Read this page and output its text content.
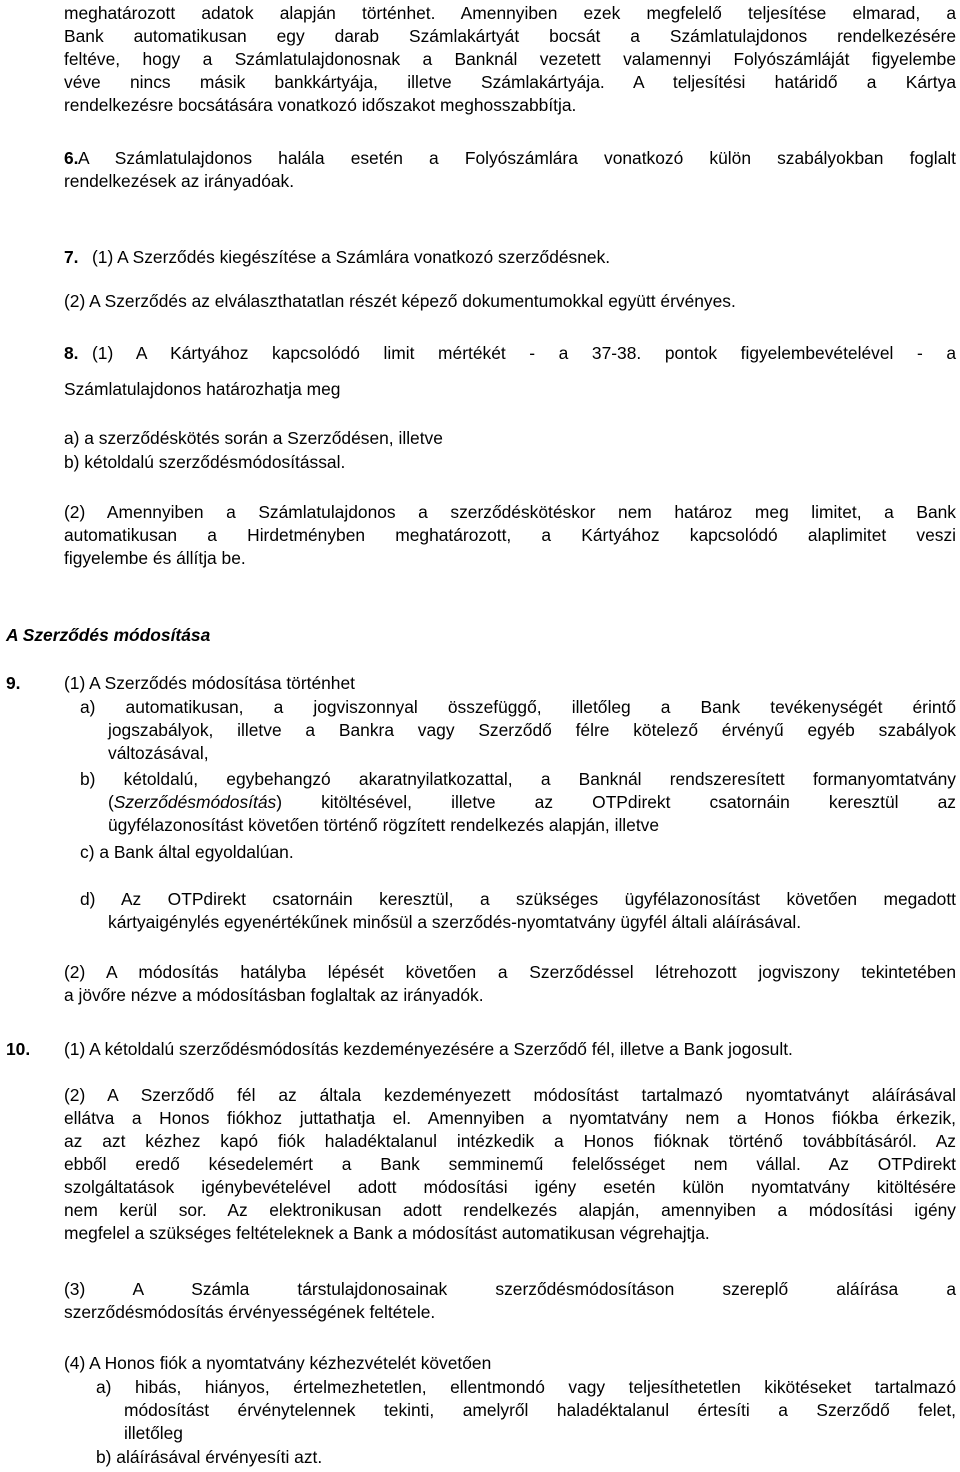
meghatározott adatok alapján történhet. Amennyiben ezek megfelelő teljesítése elmarad, a
Bank automatikusan egy darab Számlakártyát bocsát a Számlatulajdonos rendelkezésére
feltéve, hogy a Számlatulajdonosnak a Banknál vezetett valamennyi Folyószámláját figyelembe
véve nincs másik bankkártyája, illetve Számlakártyája. A teljesítési határidő a Kártya
rendelkezésre bocsátására vonatkozó időszakot meghosszabbítja.
6. A Számlatulajdonos halála esetén a Folyószámlára vonatkozó külön szabályokban foglalt
rendelkezések az irányadóak.
7. (1) A Szerződés kiegészítése a Számlára vonatkozó szerződésnek.
(2) A Szerződés az elválaszthatatlan részét képező dokumentumokkal együtt érvényes.
8. (1) A Kártyához kapcsolódó limit mértékét - a 37-38. pontok figyelembevételével - a
Számlatulajdonos határozhatja meg
a) a szerződéskötés során a Szerződésen, illetve
b) kétoldalú szerződésmódosítással.
(2) Amennyiben a Számlatulajdonos a szerződéskötéskor nem határoz meg limitet, a Bank
automatikusan a Hirdetményben meghatározott, a Kártyához kapcsolódó alaplimitet veszi
figyelembe és állítja be.
A Szerződés módosítása
9. (1) A Szerződés módosítása történhet
a) automatikusan, a jogviszonnyal összefüggő, illetőleg a Bank tevékenységét érintő
jogszabályok, illetve a Bankra vagy Szerződő félre kötelező érvényű egyéb szabályok
változásával,
b) kétoldalú, egybehangzó akaratnyilatkozattal, a Banknál rendszeresített formanyomtatvány
(Szerződésmódosítás) kitöltésével, illetve az OTPdirekt csatornáin keresztül az
ügyfélazonosítást követően történő rögzített rendelkezés alapján, illetve
c) a Bank által egyoldalúan.
d) Az OTPdirekt csatornáin keresztül, a szükséges ügyfélazonosítást követően megadott
kártyaigénylés egyenértékűnek minősül a szerződés-nyomtatvány ügyfél általi aláírásával.
(2) A módosítás hatályba lépését követően a Szerződéssel létrehozott jogviszony tekintetében
a jövőre nézve a módosításban foglaltak az irányadók.
10. (1) A kétoldalú szerződésmódosítás kezdeményezésére a Szerződő fél, illetve a Bank jogosult.
(2) A Szerződő fél az általa kezdeményezett módosítást tartalmazó nyomtatványt aláírásával
ellátva a Honos fiókhoz juttathatja el. Amennyiben a nyomtatvány nem a Honos fiókba érkezik,
az azt kézhez kapó fiók haladéktalanul intézkedik a Honos fióknak történő továbbításáról. Az
ebből eredő késedelemért a Bank semminemű felelősséget nem vállal. Az OTPdirekt
szolgáltatások igénybevételével adott módosítási igény esetén külön nyomtatvány kitöltésére
nem kerül sor. Az elektronikusan adott rendelkezés alapján, amennyiben a módosítási igény
megfelel a szükséges feltételeknek a Bank a módosítást automatikusan végrehajtja.
(3) A Számla társtulajdonosainak szerződésmódosításon szereplő aláírása a
szerződésmódosítás érvényességének feltétele.
(4) A Honos fiók a nyomtatvány kézhezvételét követően
a) hibás, hiányos, értelmezhetetlen, ellentmondó vagy teljesíthetetlen kikötéseket tartalmazó
módosítást érvénytelennek tekinti, amelyről haladéktalanul értesíti a Szerződő felet,
illetőleg
b) aláírásával érvényesíti azt.
